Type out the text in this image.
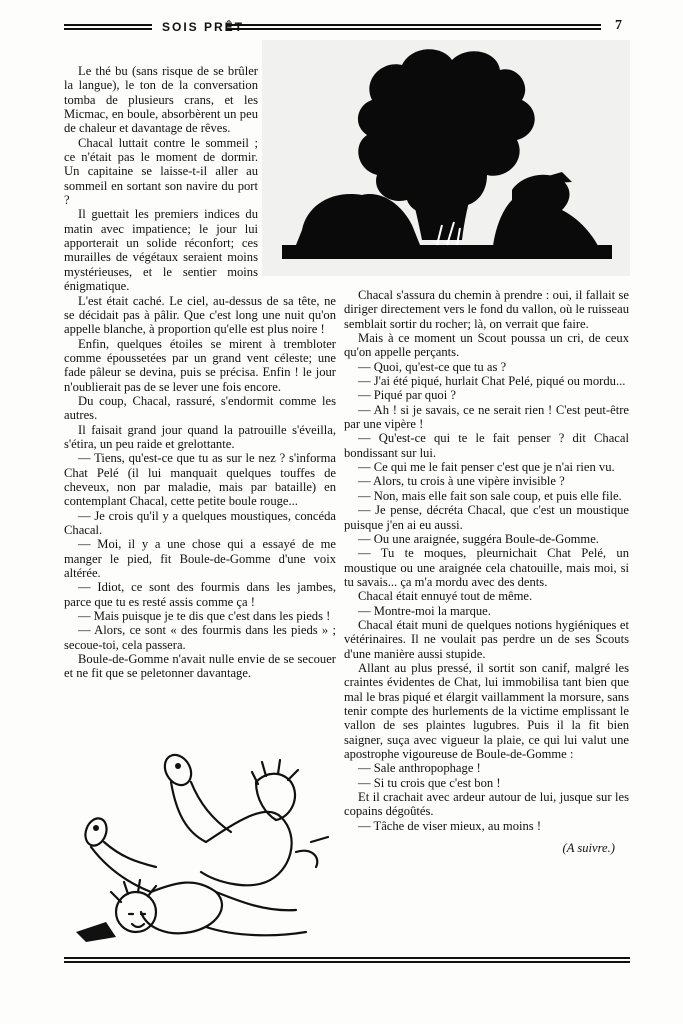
SOIS PRÊT	7

Le thé bu (sans risque de se brûler la langue), le ton de la conversation tomba de plusieurs crans, et les Micmac, en boule, absorbèrent un peu de chaleur et davantage de rêves.

Chacal luttait contre le sommeil ; ce n'était pas le moment de dormir. Un capitaine se laisse-t-il aller au sommeil en sortant son navire du port ?

Il guettait les premiers indices du matin avec impatience; le jour lui apporterait un solide réconfort; ces murailles de végétaux seraient moins mystérieuses, et le sentier moins énigmatique.

L'est était caché. Le ciel, au-dessus de sa tête, ne se décidait pas à pâlir. Que c'est long une nuit qu'on appelle blanche, à proportion qu'elle est plus noire !

Enfin, quelques étoiles se mirent à trembloter comme époussetées par un grand vent céleste; une fade pâleur se devina, puis se précisa. Enfin ! le jour n'oublierait pas de se lever une fois encore.

Du coup, Chacal, rassuré, s'endormit comme les autres.

Il faisait grand jour quand la patrouille s'éveilla, s'étira, un peu raide et grelottante.

— Tiens, qu'est-ce que tu as sur le nez ? s'informa Chat Pelé (il lui manquait quelques touffes de cheveux, non par maladie, mais par bataille) en contemplant Chacal, cette petite boule rouge...

— Je crois qu'il y a quelques moustiques, concéda Chacal.

— Moi, il y a une chose qui a essayé de me manger le pied, fit Boule-de-Gomme d'une voix altérée.

— Idiot, ce sont des fourmis dans les jambes, parce que tu es resté assis comme ça !

— Mais puisque je te dis que c'est dans les pieds !

— Alors, ce sont « des fourmis dans les pieds » ; secoue-toi, cela passera.

Boule-de-Gomme n'avait nulle envie de se secouer et ne fit que se peletonner davantage.

Chacal s'assura du chemin à prendre : oui, il fallait se diriger directement vers le fond du vallon, où le ruisseau semblait sortir du rocher; là, on verrait que faire.

Mais à ce moment un Scout poussa un cri, de ceux qu'on appelle perçants.

— Quoi, qu'est-ce que tu as ?

— J'ai été piqué, hurlait Chat Pelé, piqué ou mordu...

— Piqué par quoi ?

— Ah ! si je savais, ce ne serait rien ! C'est peut-être par une vipère !

— Qu'est-ce qui te le fait penser ? dit Chacal bondissant sur lui.

— Ce qui me le fait penser c'est que je n'ai rien vu.

— Alors, tu crois à une vipère invisible ?

— Non, mais elle fait son sale coup, et puis elle file.

— Je pense, décréta Chacal, que c'est un moustique puisque j'en ai eu aussi.

— Ou une araignée, suggéra Boule-de-Gomme.

— Tu te moques, pleurnichait Chat Pelé, un moustique ou une araignée cela chatouille, mais moi, si tu savais... ça m'a mordu avec des dents.

Chacal était ennuyé tout de même.

— Montre-moi la marque.

Chacal était muni de quelques notions hygiéniques et vétérinaires. Il ne voulait pas perdre un de ses Scouts d'une manière aussi stupide.

Allant au plus pressé, il sortit son canif, malgré les craintes évidentes de Chat, lui immobilisa tant bien que mal le bras piqué et élargit vaillamment la morsure, sans tenir compte des hurlements de la victime emplissant le vallon de ses plaintes lugubres. Puis il la fit bien saigner, suça avec vigueur la plaie, ce qui lui valut une apostrophe vigoureuse de Boule-de-Gomme :

— Sale anthropophage !

— Si tu crois que c'est bon !

Et il crachait avec ardeur autour de lui, jusque sur les copains dégoûtés.

— Tâche de viser mieux, au moins !

(A suivre.)
